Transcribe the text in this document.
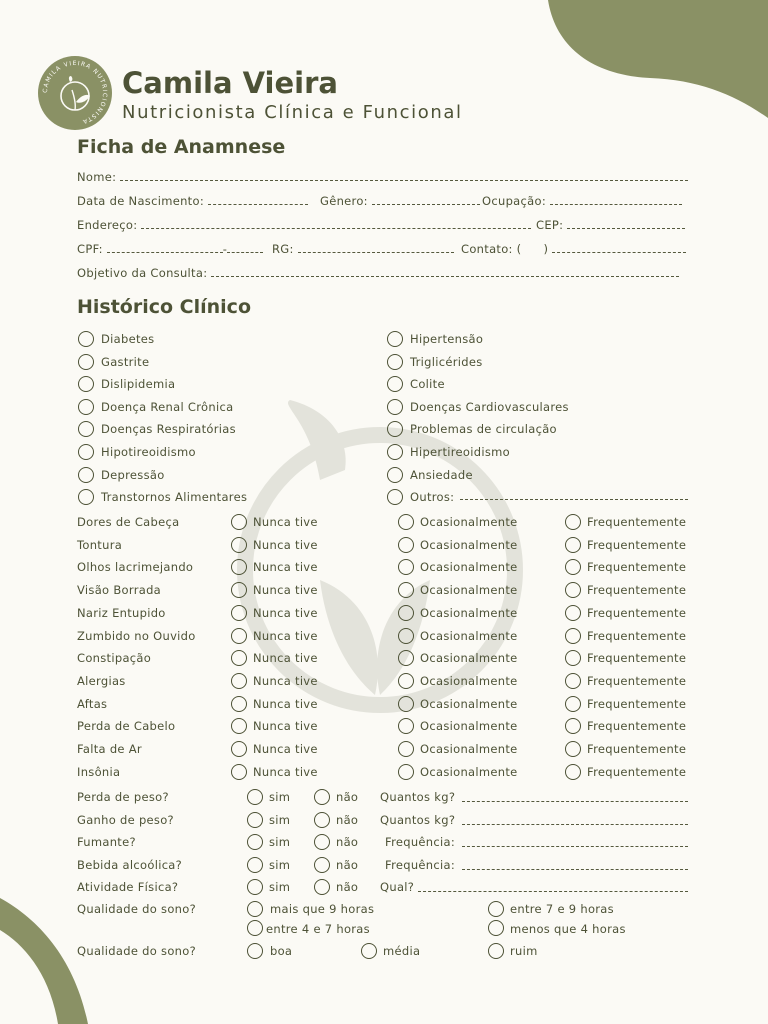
CAMILA VIEIRA NUTRICIONISTA
Camila Vieira
Nutricionista Clínica e Funcional
Ficha de Anamnese
Nome:
Data de Nascimento:	Gênero:	Ocupação:
Endereço:	CEP:
CPF:	-	RG:	Contato: ( )
Objetivo da Consulta:
Histórico Clínico
Diabetes
Gastrite
Dislipidemia
Doença Renal Crônica
Doenças Respiratórias
Hipotireoidismo
Depressão
Transtornos Alimentares
Hipertensão
Triglicérides
Colite
Doenças Cardiovasculares
Problemas de circulação
Hipertireoidismo
Ansiedade
Outros:
Dores de Cabeça	Nunca tive	Ocasionalmente	Frequentemente
Tontura	Nunca tive	Ocasionalmente	Frequentemente
Olhos lacrimejando	Nunca tive	Ocasionalmente	Frequentemente
Visão Borrada	Nunca tive	Ocasionalmente	Frequentemente
Nariz Entupido	Nunca tive	Ocasionalmente	Frequentemente
Zumbido no Ouvido	Nunca tive	Ocasionalmente	Frequentemente
Constipação	Nunca tive	Ocasionalmente	Frequentemente
Alergias	Nunca tive	Ocasionalmente	Frequentemente
Aftas	Nunca tive	Ocasionalmente	Frequentemente
Perda de Cabelo	Nunca tive	Ocasionalmente	Frequentemente
Falta de Ar	Nunca tive	Ocasionalmente	Frequentemente
Insônia	Nunca tive	Ocasionalmente	Frequentemente
Perda de peso?	sim	não Quantos kg?
Ganho de peso?	sim	não Quantos kg?
Fumante?	sim	não Frequência:
Bebida alcoólica?	sim	não Frequência:
Atividade Física?	sim	não Qual?
Qualidade do sono?	mais que 9 horas	entre 7 e 9 horas
entre 4 e 7 horas	menos que 4 horas
Qualidade do sono?	boa	média	ruim
